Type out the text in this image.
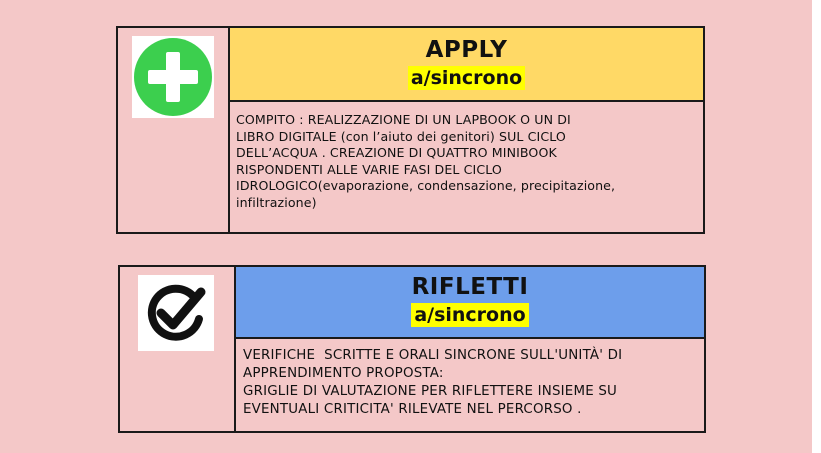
APPLY
a/sincrono

COMPITO : REALIZZAZIONE DI UN LAPBOOK O UN DI
LIBRO DIGITALE (con l’aiuto dei genitori) SUL CICLO
DELL’ACQUA . CREAZIONE DI QUATTRO MINIBOOK
RISPONDENTI ALLE VARIE FASI DEL CICLO
IDROLOGICO(evaporazione, condensazione, precipitazione,
infiltrazione)

RIFLETTI
a/sincrono

VERIFICHE  SCRITTE E ORALI SINCRONE SULL'UNITÀ' DI
APPRENDIMENTO PROPOSTA:
GRIGLIE DI VALUTAZIONE PER RIFLETTERE INSIEME SU
EVENTUALI CRITICITA' RILEVATE NEL PERCORSO .
